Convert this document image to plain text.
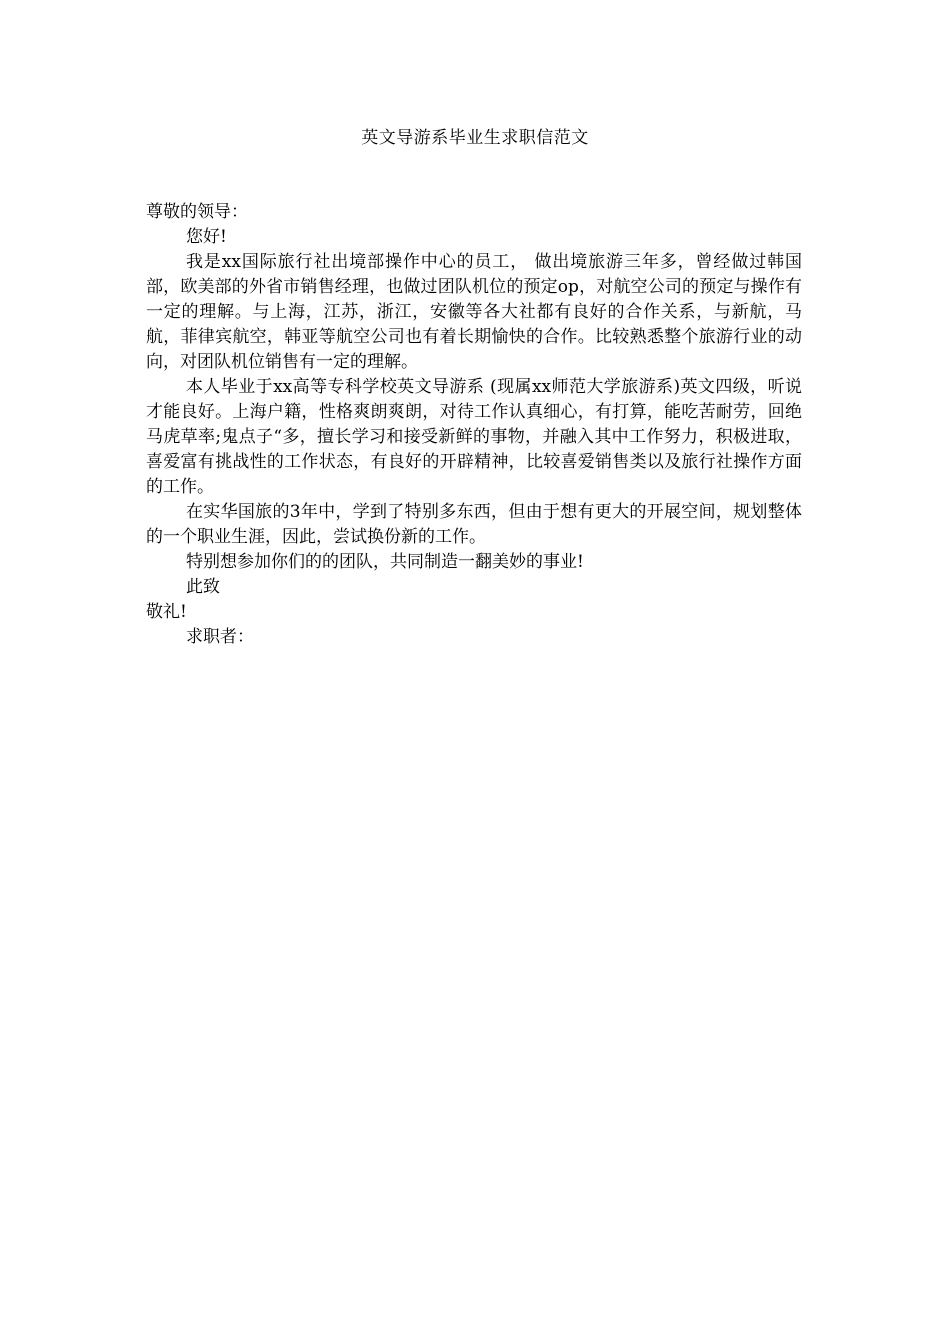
英文导游系毕业生求职信范文

尊敬的领导：

您好!

我是xx国际旅行社出境部操作中心的员工， 做出境旅游三年多，曾经做过韩国部，欧美部的外省市销售经理，也做过团队机位的预定op，对航空公司的预定与操作有一定的理解。与上海，江苏，浙江，安徽等各大社都有良好的合作关系，与新航，马航，菲律宾航空，韩亚等航空公司也有着长期愉快的合作。比较熟悉整个旅游行业的动向，对团队机位销售有一定的理解。

本人毕业于xx高等专科学校英文导游系 (现属xx师范大学旅游系)英文四级，听说才能良好。上海户籍，性格爽朗爽朗，对待工作认真细心，有打算，能吃苦耐劳，回绝马虎草率;鬼点子“多，擅长学习和接受新鲜的事物，并融入其中工作努力，积极进取，喜爱富有挑战性的工作状态，有良好的开辟精神，比较喜爱销售类以及旅行社操作方面的工作。

在实华国旅的3年中，学到了特别多东西，但由于想有更大的开展空间，规划整体的一个职业生涯，因此，尝试换份新的工作。

特别想参加你们的的团队，共同制造一翻美妙的事业!

此致

敬礼!

求职者：
